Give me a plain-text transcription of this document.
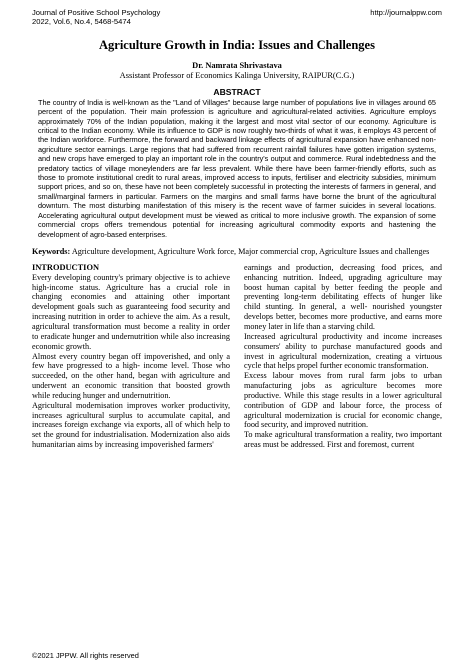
Journal of Positive School Psychology	http://journalppw.com
2022, Vol.6, No.4, 5468-5474
Agriculture Growth in India: Issues and Challenges
Dr. Namrata Shrivastava
Assistant Professor of Economics Kalinga University, RAIPUR(C.G.)
ABSTRACT
The country of India is well-known as the "Land of Villages" because large number of populations live in villages around 65 percent of the population. Their main profession is agriculture and agricultural-related activities. Agriculture employs approximately 70% of the Indian population, making it the largest and most vital sector of our economy. Agriculture is critical to the Indian economy. While its influence to GDP is now roughly two-thirds of what it was, it employs 43 percent of the Indian workforce. Furthermore, the forward and backward linkage effects of agricultural expansion have enhanced non-agriculture sector earnings. Large regions that had suffered from recurrent rainfall failures have gotten irrigation systems, and new crops have emerged to play an important role in the country's output and commerce. Rural indebtedness and the predatory tactics of village moneylenders are far less prevalent. While there have been farmer-friendly efforts, such as those to promote institutional credit to rural areas, improved access to inputs, fertiliser and electricity subsidies, minimum support prices, and so on, these have not been completely successful in protecting the interests of farmers in general, and small/marginal farmers in particular. Farmers on the margins and small farms have borne the brunt of the agricultural downturn. The most disturbing manifestation of this misery is the recent wave of farmer suicides in several locations. Accelerating agricultural output development must be viewed as critical to more inclusive growth. The expansion of some commercial crops offers tremendous potential for increasing agricultural commodity exports and hastening the development of agro-based enterprises.
Keywords: Agriculture development, Agriculture Work force, Major commercial crop, Agriculture Issues and challenges
INTRODUCTION

Every developing country's primary objective is to achieve high-income status. Agriculture has a crucial role in changing economies and attaining other important development goals such as guaranteeing food security and increasing nutrition in order to achieve the aim. As a result, agricultural transformation must become a reality in order to eradicate hunger and undernutrition while also increasing economic growth.

Almost every country began off impoverished, and only a few have progressed to a high- income level. Those who succeeded, on the other hand, began with agriculture and underwent an economic transition that boosted growth while reducing hunger and undernutrition.

Agricultural modernisation improves worker productivity, increases agricultural surplus to accumulate capital, and increases foreign exchange via exports, all of which help to set the ground for industrialisation. Modernization also aids humanitarian aims by increasing impoverished farmers'

earnings and production, decreasing food prices, and enhancing nutrition. Indeed, upgrading agriculture may boost human capital by better feeding the people and preventing long-term debilitating effects of hunger like child stunting. In general, a well- nourished youngster develops better, becomes more productive, and earns more money later in life than a starving child.

Increased agricultural productivity and income increases consumers' ability to purchase manufactured goods and invest in agricultural modernization, creating a virtuous cycle that helps propel further economic transformation.

Excess labour moves from rural farm jobs to urban manufacturing jobs as agriculture becomes more productive. While this stage results in a lower agricultural contribution of GDP and labour force, the process of agricultural modernization is crucial for economic change, food security, and improved nutrition.

To make agricultural transformation a reality, two important areas must be addressed. First and foremost, current

©2021 JPPW. All rights reserved
